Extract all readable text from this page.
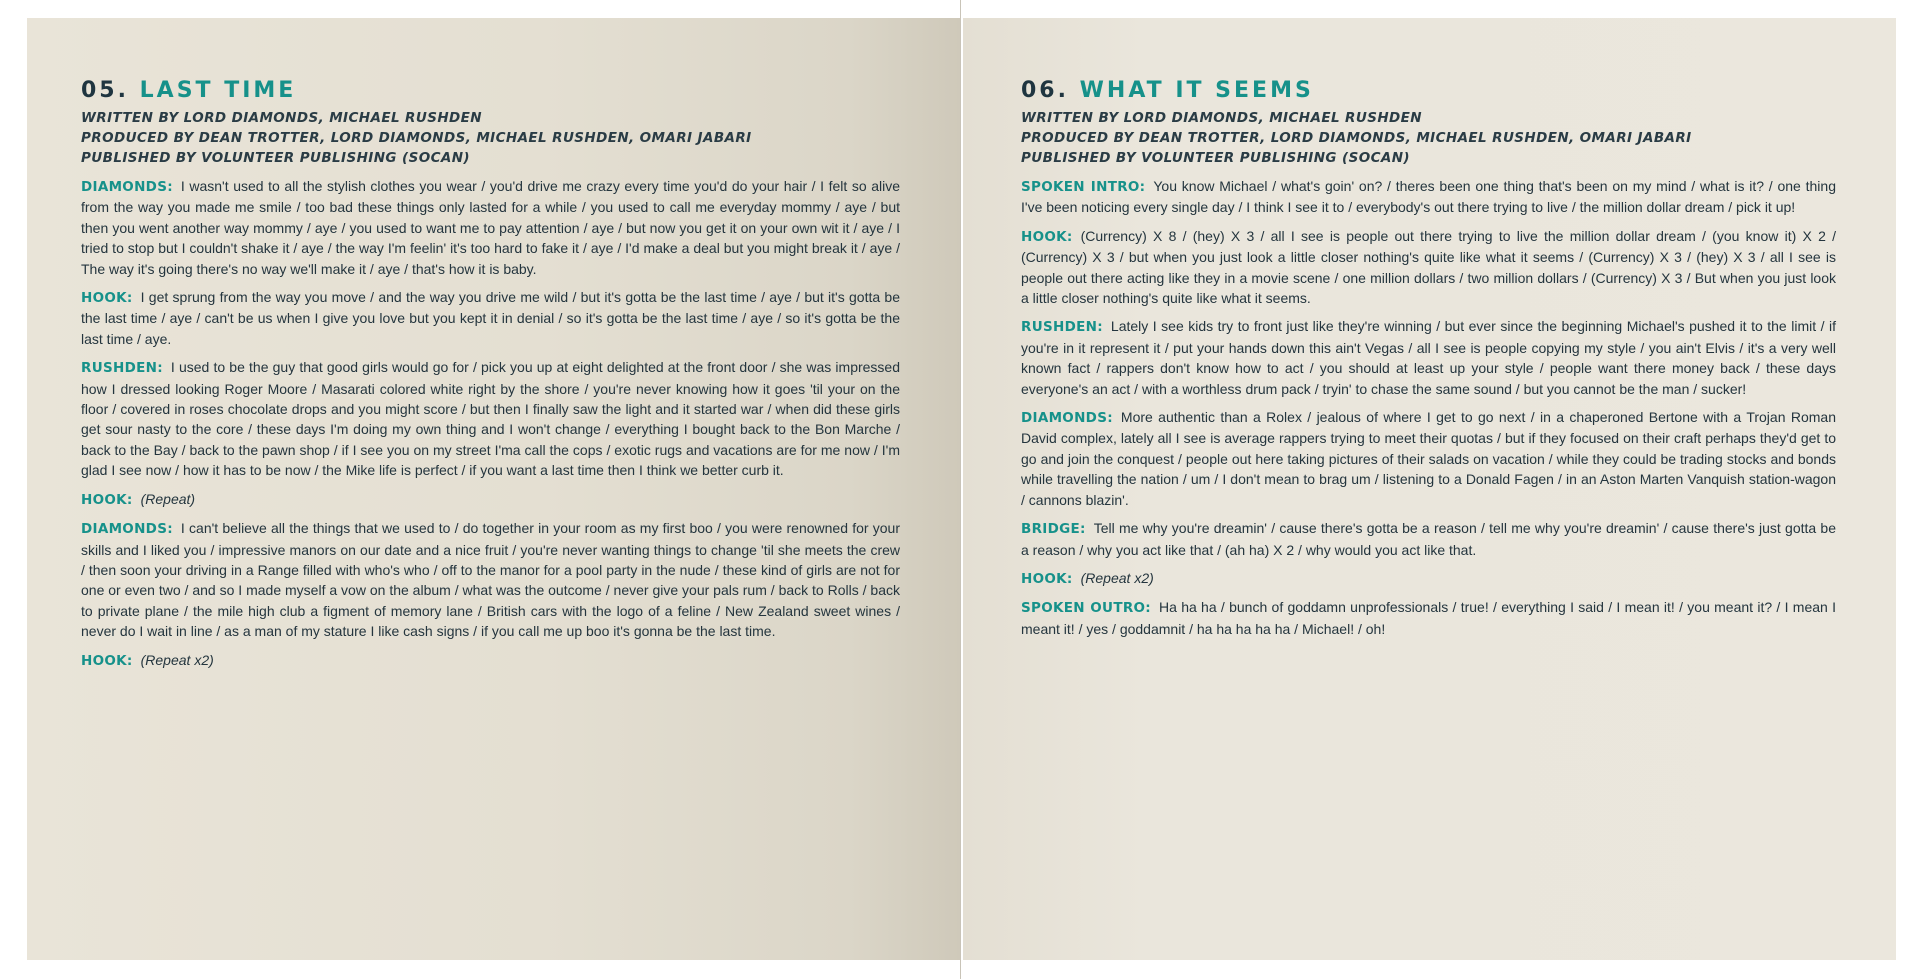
05. LAST TIME
WRITTEN BY LORD DIAMONDS, MICHAEL RUSHDEN
PRODUCED BY DEAN TROTTER, LORD DIAMONDS, MICHAEL RUSHDEN, OMARI JABARI
PUBLISHED BY VOLUNTEER PUBLISHING (SOCAN)
DIAMONDS: I wasn't used to all the stylish clothes you wear / you'd drive me crazy every time you'd do your hair / I felt so alive from the way you made me smile / too bad these things only lasted for a while / you used to call me everyday mommy / aye / but then you went another way mommy / aye / you used to want me to pay attention / aye / but now you get it on your own wit it / aye / I tried to stop but I couldn't shake it / aye / the way I'm feelin' it's too hard to fake it / aye / I'd make a deal but you might break it / aye / The way it's going there's no way we'll make it / aye / that's how it is baby.
HOOK: I get sprung from the way you move / and the way you drive me wild / but it's gotta be the last time / aye / but it's gotta be the last time / aye / can't be us when I give you love but you kept it in denial / so it's gotta be the last time / aye / so it's gotta be the last time / aye.
RUSHDEN: I used to be the guy that good girls would go for / pick you up at eight delighted at the front door / she was impressed how I dressed looking Roger Moore / Masarati colored white right by the shore / you're never knowing how it goes 'til your on the floor / covered in roses chocolate drops and you might score / but then I finally saw the light and it started war / when did these girls get sour nasty to the core / these days I'm doing my own thing and I won't change / everything I bought back to the Bon Marche / back to the Bay / back to the pawn shop / if I see you on my street I'ma call the cops / exotic rugs and vacations are for me now / I'm glad I see now / how it has to be now / the Mike life is perfect / if you want a last time then I think we better curb it.
HOOK: (Repeat)
DIAMONDS: I can't believe all the things that we used to / do together in your room as my first boo / you were renowned for your skills and I liked you / impressive manors on our date and a nice fruit / you're never wanting things to change 'til she meets the crew / then soon your driving in a Range filled with who's who / off to the manor for a pool party in the nude / these kind of girls are not for one or even two / and so I made myself a vow on the album / what was the outcome / never give your pals rum / back to Rolls / back to private plane / the mile high club a figment of memory lane / British cars with the logo of a feline / New Zealand sweet wines / never do I wait in line / as a man of my stature I like cash signs / if you call me up boo it's gonna be the last time.
HOOK: (Repeat x2)
06. WHAT IT SEEMS
WRITTEN BY LORD DIAMONDS, MICHAEL RUSHDEN
PRODUCED BY DEAN TROTTER, LORD DIAMONDS, MICHAEL RUSHDEN, OMARI JABARI
PUBLISHED BY VOLUNTEER PUBLISHING (SOCAN)
SPOKEN INTRO: You know Michael / what's goin' on? / theres been one thing that's been on my mind / what is it? / one thing I've been noticing every single day / I think I see it to / everybody's out there trying to live / the million dollar dream / pick it up!
HOOK: (Currency) X 8 / (hey) X 3 / all I see is people out there trying to live the million dollar dream / (you know it) X 2 / (Currency) X 3 / but when you just look a little closer nothing's quite like what it seems / (Currency) X 3 / (hey) X 3 / all I see is people out there acting like they in a movie scene / one million dollars / two million dollars / (Currency) X 3 / But when you just look a little closer nothing's quite like what it seems.
RUSHDEN: Lately I see kids try to front just like they're winning / but ever since the beginning Michael's pushed it to the limit / if you're in it represent it / put your hands down this ain't Vegas / all I see is people copying my style / you ain't Elvis / it's a very well known fact / rappers don't know how to act / you should at least up your style / people want there money back / these days everyone's an act / with a worthless drum pack / tryin' to chase the same sound / but you cannot be the man / sucker!
DIAMONDS: More authentic than a Rolex / jealous of where I get to go next / in a chaperoned Bertone with a Trojan Roman David complex, lately all I see is average rappers trying to meet their quotas / but if they focused on their craft perhaps they'd get to go and join the conquest / people out here taking pictures of their salads on vacation / while they could be trading stocks and bonds while travelling the nation / um / I don't mean to brag um / listening to a Donald Fagen / in an Aston Marten Vanquish station-wagon / cannons blazin'.
BRIDGE: Tell me why you're dreamin' / cause there's gotta be a reason / tell me why you're dreamin' / cause there's just gotta be a reason / why you act like that / (ah ha) X 2 / why would you act like that.
HOOK: (Repeat x2)
SPOKEN OUTRO: Ha ha ha / bunch of goddamn unprofessionals / true! / everything I said / I mean it! / you meant it? / I mean I meant it! / yes / goddamnit / ha ha ha ha ha / Michael! / oh!
